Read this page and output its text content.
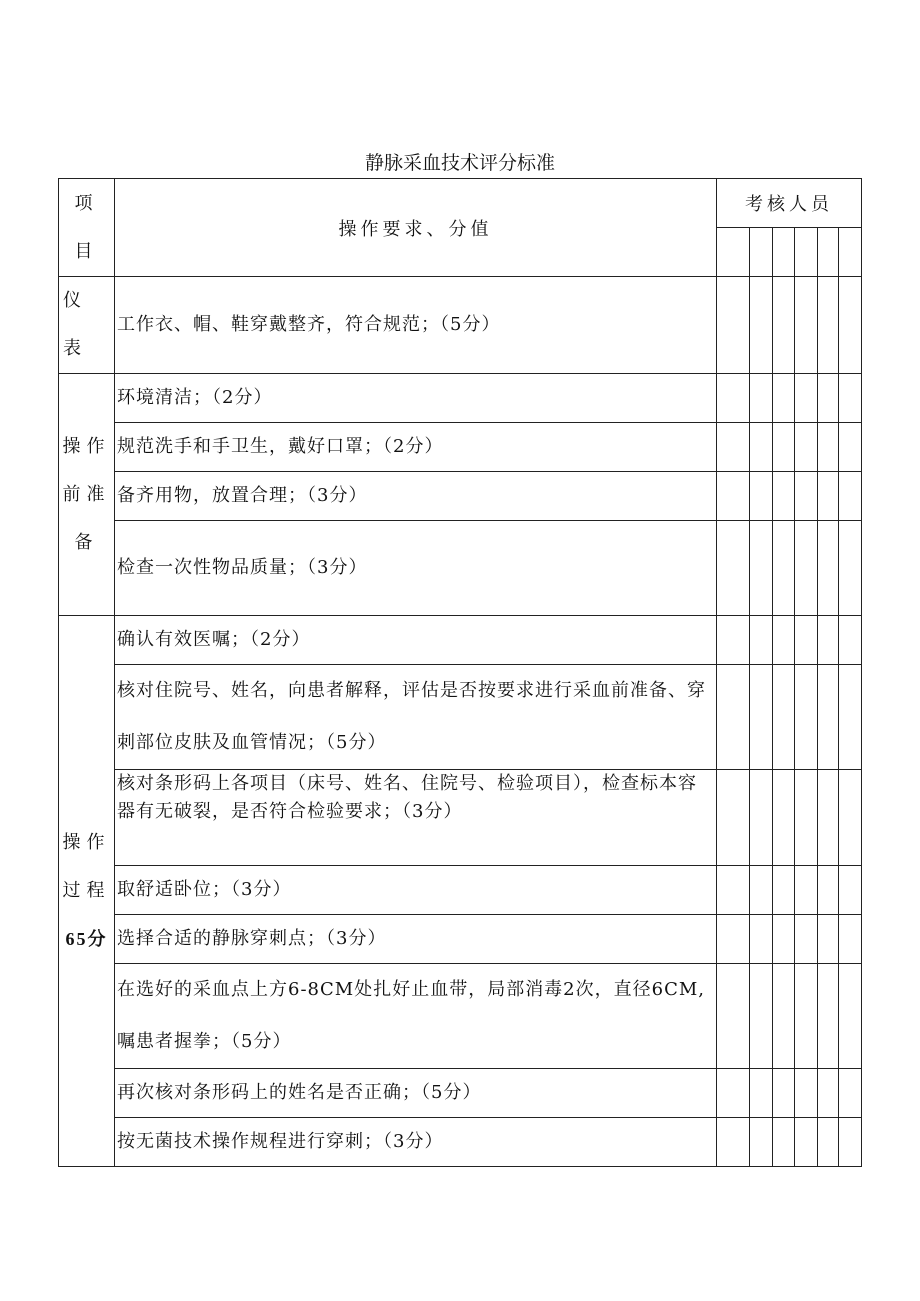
静脉采血技术评分标准
项
目	操作要求、分值	考核人员					

仪
表	工作衣、帽、鞋穿戴整齐，符合规范；（5分）						

操作
前准
备	环境清洁；（2分）						
	规范洗手和手卫生，戴好口罩；（2分）						
	备齐用物，放置合理；（3分）						
	检查一次性物品质量；（3分）						

操作
过程
65分	确认有效医嘱；（2分）						
	核对住院号、姓名，向患者解释，评估是否按要求进行采血前准备、穿刺部位皮肤及血管情况；（5分）						

	核对条形码上各项目（床号、姓名、住院号、检验项目），检查标本容器有无破裂，是否符合检验要求；（3分）						

	取舒适卧位；（3分）						
	选择合适的静脉穿刺点；（3分）						
	在选好的采血点上方6-8CM处扎好止血带，局部消毒2次，直径6CM,嘱患者握拳；（5分）						
	再次核对条形码上的姓名是否正确；（5分）						
	按无菌技术操作规程进行穿刺；（3分）						
